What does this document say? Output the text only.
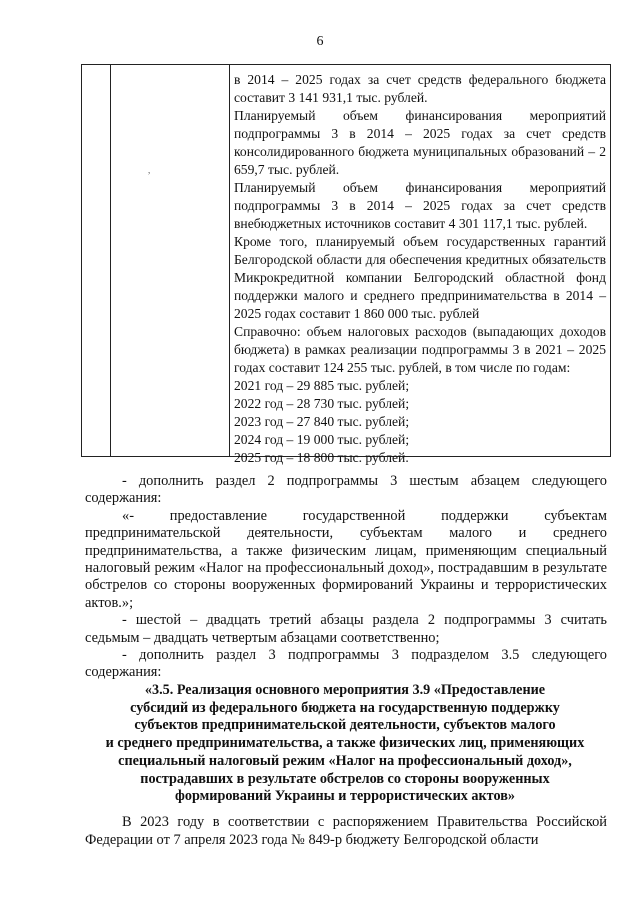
6
,

в 2014 – 2025 годах за счет средств федерального бюджета составит 3 141 931,1 тыс. рублей.

Планируемый объем финансирования мероприятий подпрограммы 3 в 2014 – 2025 годах за счет средств консолидированного бюджета муниципальных образований – 2 659,7 тыс. рублей.

Планируемый объем финансирования мероприятий подпрограммы 3 в 2014 – 2025 годах за счет средств внебюджетных источников составит 4 301 117,1 тыс. рублей.

Кроме того, планируемый объем государственных гарантий Белгородской области для обеспечения кредитных обязательств Микрокредитной компании Белгородский областной фонд поддержки малого и среднего предпринимательства в 2014 – 2025 годах составит 1 860 000 тыс. рублей

Справочно: объем налоговых расходов (выпадающих доходов бюджета) в рамках реализации подпрограммы 3 в 2021 – 2025 годах составит 124 255 тыс. рублей, в том числе по годам:

2021 год – 29 885 тыс. рублей;

2022 год – 28 730 тыс. рублей;

2023 год – 27 840 тыс. рублей;

2024 год – 19 000 тыс. рублей;

2025 год – 18 800 тыс. рублей.

- дополнить раздел 2 подпрограммы 3 шестым абзацем следующего содержания:

«- предоставление государственной поддержки субъектам предпринимательской деятельности, субъектам малого и среднего предпринимательства, а также физическим лицам, применяющим специальный налоговый режим «Налог на профессиональный доход», пострадавшим в результате обстрелов со стороны вооруженных формирований Украины и террористических актов.»;

- шестой – двадцать третий абзацы раздела 2 подпрограммы 3 считать седьмым – двадцать четвертым абзацами соответственно;

- дополнить раздел 3 подпрограммы 3 подразделом 3.5 следующего содержания:

«3.5. Реализация основного мероприятия 3.9 «Предоставление
субсидий из федерального бюджета на государственную поддержку
субъектов предпринимательской деятельности, субъектов малого
и среднего предпринимательства, а также физических лиц, применяющих
специальный налоговый режим «Налог на профессиональный доход»,
пострадавших в результате обстрелов со стороны вооруженных
формирований Украины и террористических актов»

В 2023 году в соответствии с распоряжением Правительства Российской Федерации от 7 апреля 2023 года № 849-р бюджету Белгородской области
